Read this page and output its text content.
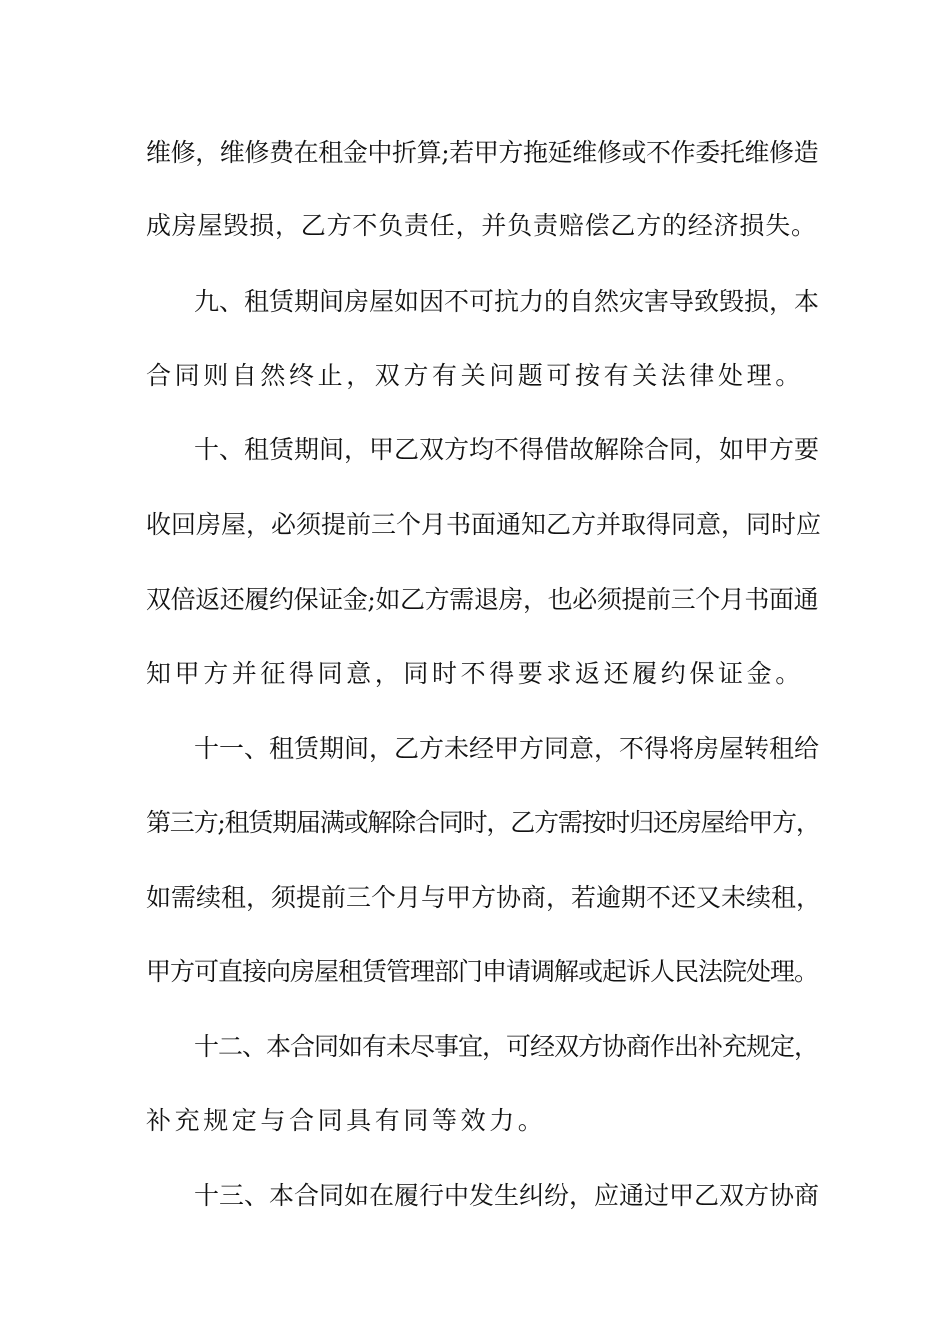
维修，维修费在租金中折算;若甲方拖延维修或不作委托维修造
成房屋毁损，乙方不负责任，并负责赔偿乙方的经济损失。
九、租赁期间房屋如因不可抗力的自然灾害导致毁损，本
合同则自然终止，双方有关问题可按有关法律处理。
十、租赁期间，甲乙双方均不得借故解除合同，如甲方要
收回房屋，必须提前三个月书面通知乙方并取得同意，同时应
双倍返还履约保证金;如乙方需退房，也必须提前三个月书面通
知甲方并征得同意，同时不得要求返还履约保证金。
十一、租赁期间，乙方未经甲方同意，不得将房屋转租给
第三方;租赁期届满或解除合同时，乙方需按时归还房屋给甲方，
如需续租，须提前三个月与甲方协商，若逾期不还又未续租，
甲方可直接向房屋租赁管理部门申请调解或起诉人民法院处理。
十二、本合同如有未尽事宜，可经双方协商作出补充规定，
补充规定与合同具有同等效力。
十三、本合同如在履行中发生纠纷，应通过甲乙双方协商
